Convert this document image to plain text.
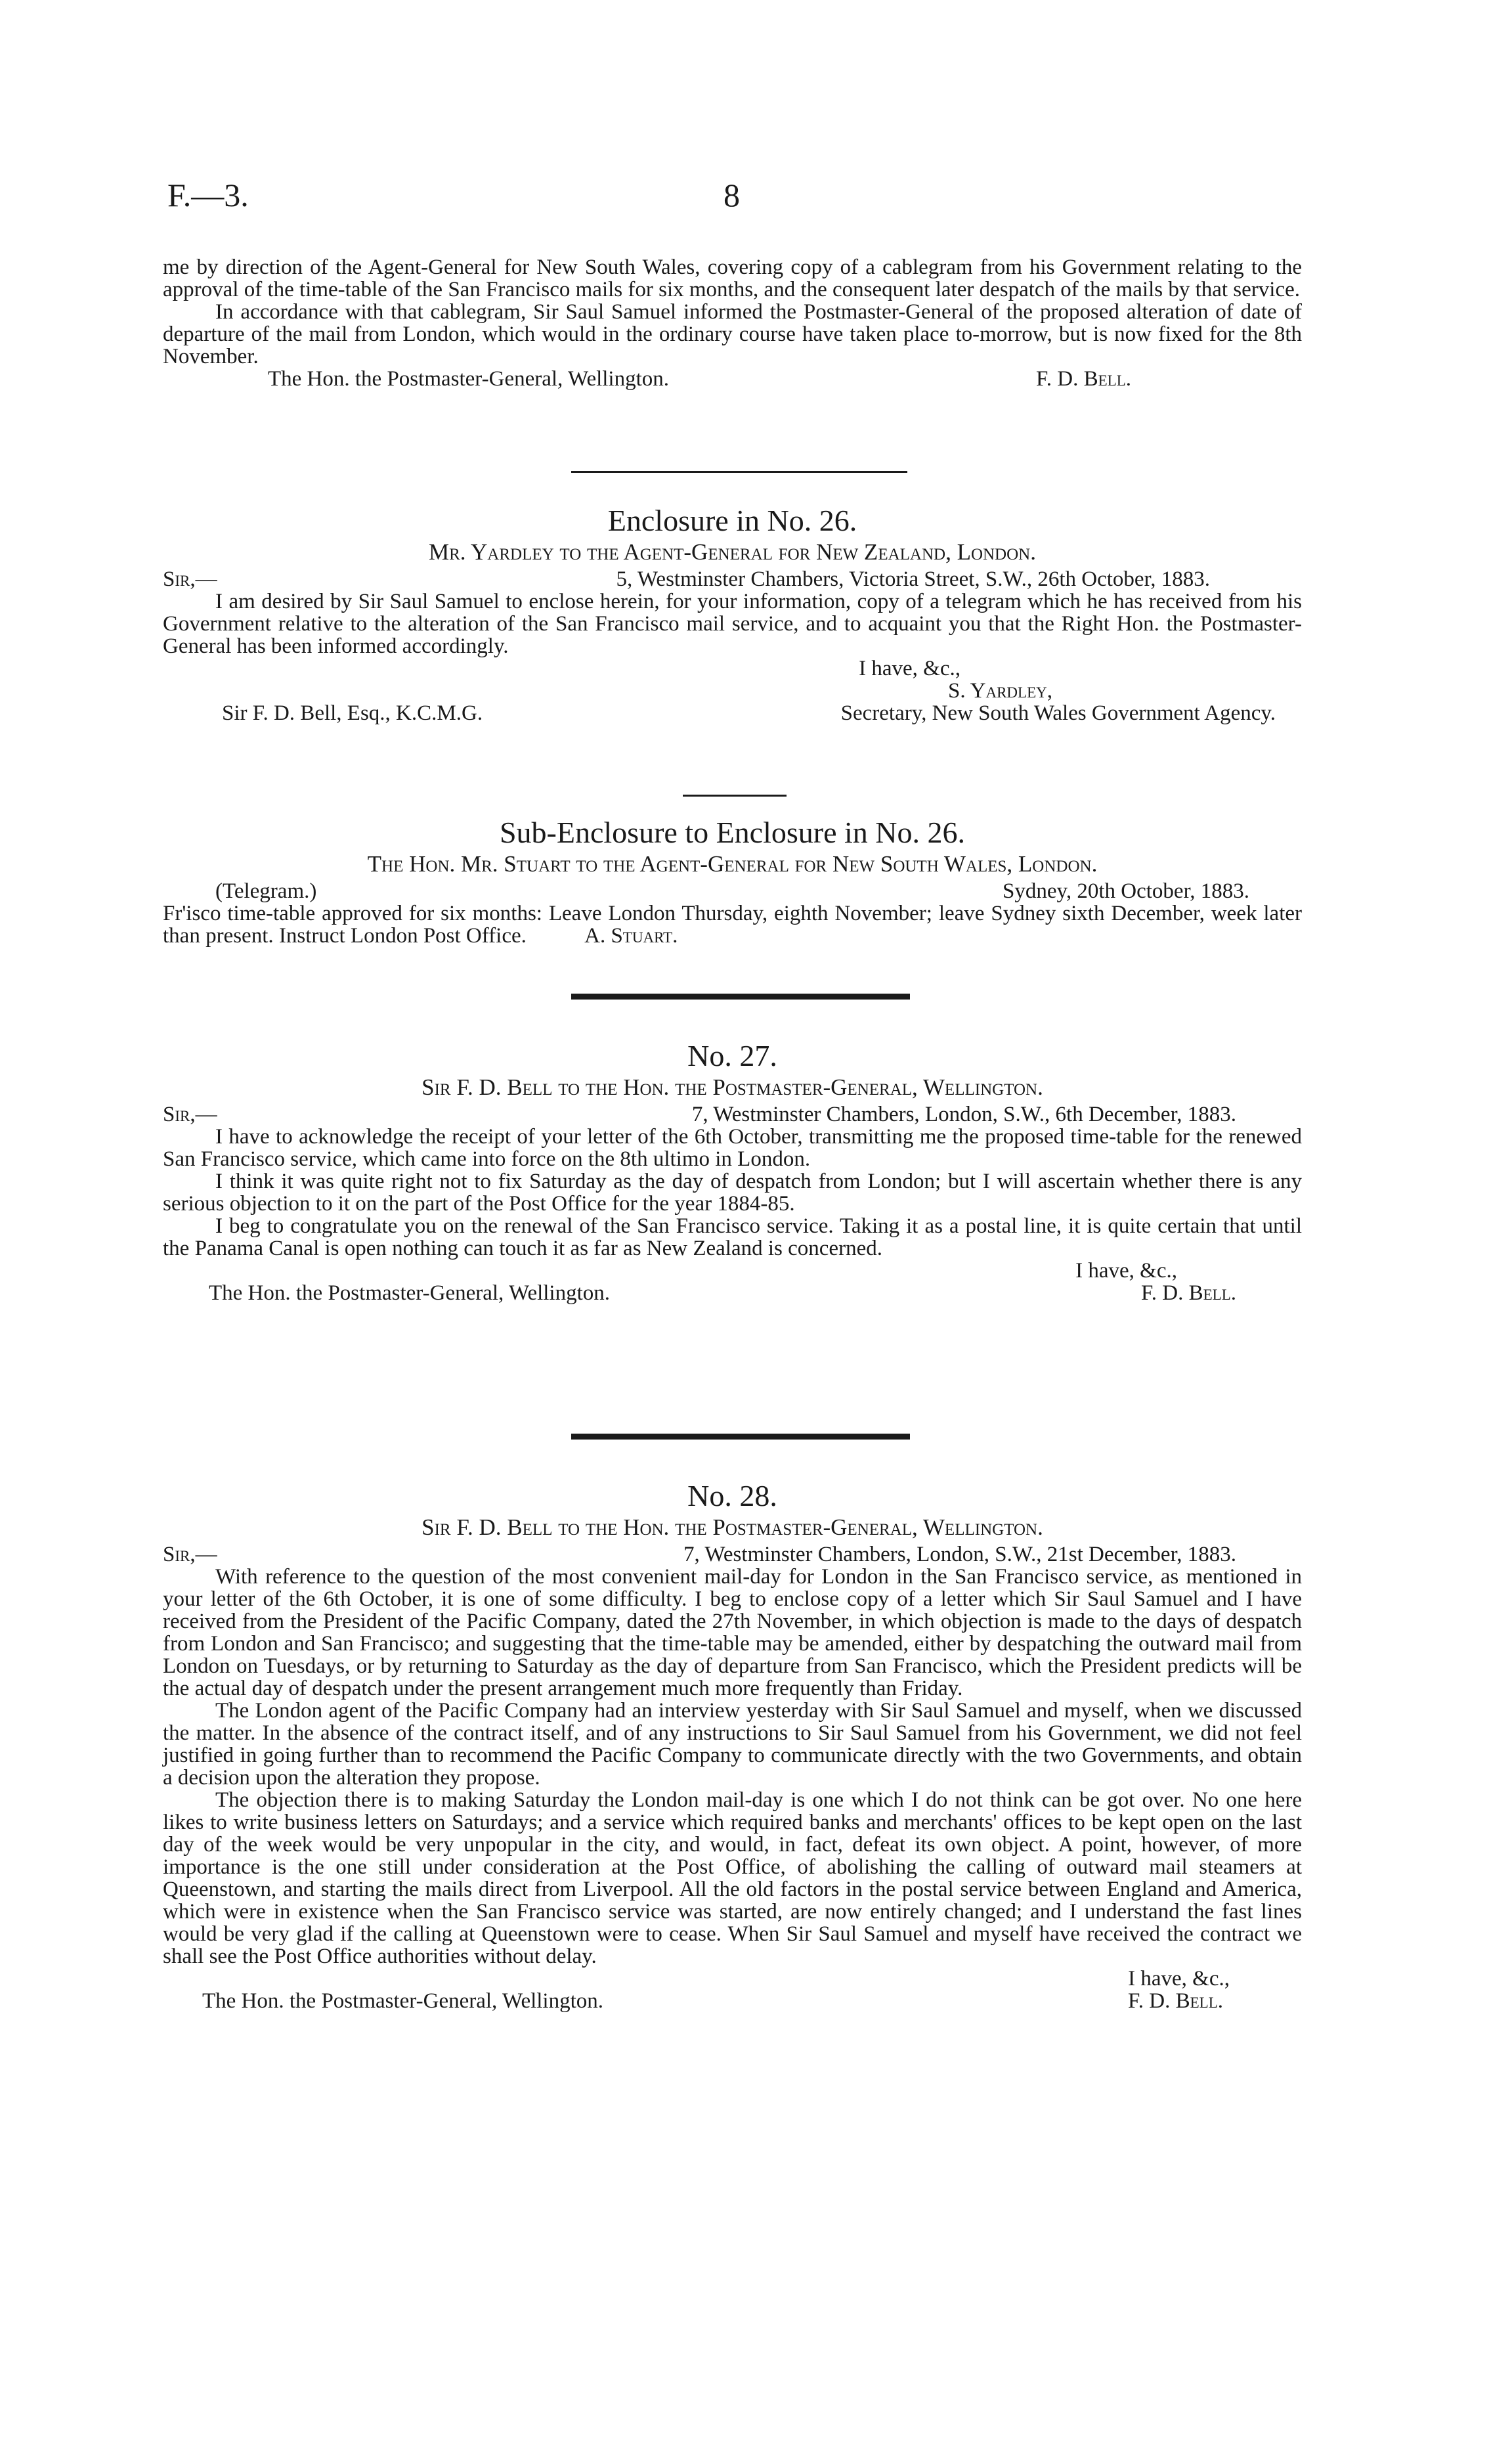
F.—3.	8

me by direction of the Agent-General for New South Wales, covering copy of a cablegram from his Government relating to the approval of the time-table of the San Francisco mails for six months, and the consequent later despatch of the mails by that service.

In accordance with that cablegram, Sir Saul Samuel informed the Postmaster-General of the proposed alteration of date of departure of the mail from London, which would in the ordinary course have taken place to-morrow, but is now fixed for the 8th November.

The Hon. the Postmaster-General, Wellington.	F. D. Bell.
Enclosure in No. 26.
Mr. Yardley to the Agent-General for New Zealand, London.
Sir,—	5, Westminster Chambers, Victoria Street, S.W., 26th October, 1883.

I am desired by Sir Saul Samuel to enclose herein, for your information, copy of a telegram which he has received from his Government relative to the alteration of the San Francisco mail service, and to acquaint you that the Right Hon. the Postmaster-General has been informed accordingly.

I have, &c.,
S. Yardley,
Sir F. D. Bell, Esq., K.C.M.G.	Secretary, New South Wales Government Agency.
Sub-Enclosure to Enclosure in No. 26.
The Hon. Mr. Stuart to the Agent-General for New South Wales, London.
(Telegram.)	Sydney, 20th October, 1883.

Fr'isco time-table approved for six months: Leave London Thursday, eighth November; leave Sydney sixth December, week later than present. Instruct London Post Office.	A. Stuart.

No. 27.
Sir F. D. Bell to the Hon. the Postmaster-General, Wellington.
Sir,—	7, Westminster Chambers, London, S.W., 6th December, 1883.

I have to acknowledge the receipt of your letter of the 6th October, transmitting me the proposed time-table for the renewed San Francisco service, which came into force on the 8th ultimo in London.

I think it was quite right not to fix Saturday as the day of despatch from London; but I will ascertain whether there is any serious objection to it on the part of the Post Office for the year 1884-85.

I beg to congratulate you on the renewal of the San Francisco service. Taking it as a postal line, it is quite certain that until the Panama Canal is open nothing can touch it as far as New Zealand is concerned.

I have, &c.,
The Hon. the Postmaster-General, Wellington.	F. D. Bell.
No. 28.
Sir F. D. Bell to the Hon. the Postmaster-General, Wellington.
Sir,—	7, Westminster Chambers, London, S.W., 21st December, 1883.

With reference to the question of the most convenient mail-day for London in the San Francisco service, as mentioned in your letter of the 6th October, it is one of some difficulty. I beg to enclose copy of a letter which Sir Saul Samuel and I have received from the President of the Pacific Company, dated the 27th November, in which objection is made to the days of despatch from London and San Francisco; and suggesting that the time-table may be amended, either by despatching the outward mail from London on Tuesdays, or by returning to Saturday as the day of departure from San Francisco, which the President predicts will be the actual day of despatch under the present arrangement much more frequently than Friday.

The London agent of the Pacific Company had an interview yesterday with Sir Saul Samuel and myself, when we discussed the matter. In the absence of the contract itself, and of any instructions to Sir Saul Samuel from his Government, we did not feel justified in going further than to recommend the Pacific Company to communicate directly with the two Governments, and obtain a decision upon the alteration they propose.

The objection there is to making Saturday the London mail-day is one which I do not think can be got over. No one here likes to write business letters on Saturdays; and a service which required banks and merchants' offices to be kept open on the last day of the week would be very unpopular in the city, and would, in fact, defeat its own object. A point, however, of more importance is the one still under consideration at the Post Office, of abolishing the calling of outward mail steamers at Queenstown, and starting the mails direct from Liverpool. All the old factors in the postal service between England and America, which were in existence when the San Francisco service was started, are now entirely changed; and I understand the fast lines would be very glad if the calling at Queenstown were to cease. When Sir Saul Samuel and myself have received the contract we shall see the Post Office authorities without delay.

I have, &c.,
The Hon. the Postmaster-General, Wellington.	F. D. Bell.
